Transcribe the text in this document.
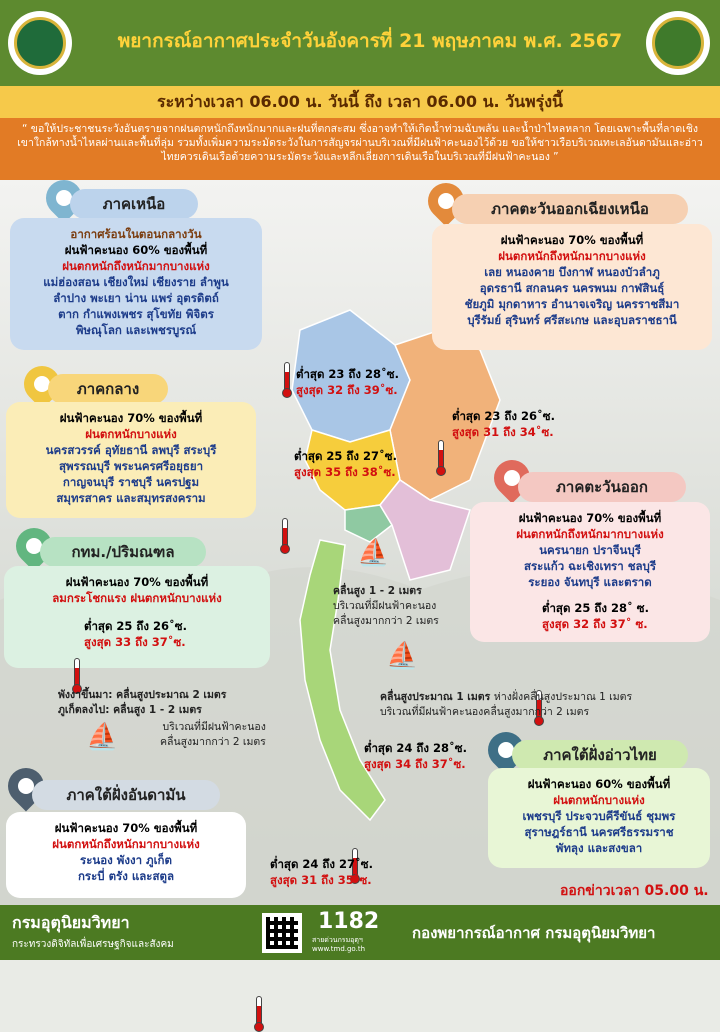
พยากรณ์อากาศประจำวันอังคารที่ 21 พฤษภาคม พ.ศ. 2567
ระหว่างเวลา 06.00 น. วันนี้ ถึง เวลา 06.00 น. วันพรุ่งนี้
“ ขอให้ประชาชนระวังอันตรายจากฝนตกหนักถึงหนักมากและฝนที่ตกสะสม ซึ่งอาจทำให้เกิดน้ำท่วมฉับพลัน และน้ำป่าไหลหลาก โดยเฉพาะพื้นที่ลาดเชิงเขาใกล้ทางน้ำไหลผ่านและพื้นที่ลุ่ม รวมทั้งเพิ่มความระมัดระวังในการสัญจรผ่านบริเวณที่มีฝนฟ้าคะนองไว้ด้วย ขอให้ชาวเรือบริเวณทะเลอันดามันและอ่าวไทยควรเดินเรือด้วยความระมัดระวังและหลีกเลี่ยงการเดินเรือในบริเวณที่มีฝนฟ้าคะนอง ”
ภาคเหนือ
อากาศร้อนในตอนกลางวัน
ฝนฟ้าคะนอง 60% ของพื้นที่
ฝนตกหนักถึงหนักมากบางแห่ง
แม่ฮ่องสอน เชียงใหม่ เชียงราย ลำพูน
ลำปาง พะเยา น่าน แพร่ อุตรดิตถ์
ตาก กำแพงเพชร สุโขทัย พิจิตร
พิษณุโลก และเพชรบูรณ์
ต่ำสุด 23 ถึง 28˚ซ.
สูงสุด 32 ถึง 39˚ซ.
ภาคตะวันออกเฉียงเหนือ
ฝนฟ้าคะนอง 70% ของพื้นที่
ฝนตกหนักถึงหนักมากบางแห่ง
เลย หนองคาย บึงกาฬ หนองบัวลำภู
อุดรธานี สกลนคร นครพนม กาฬสินธุ์
ชัยภูมิ มุกดาหาร อำนาจเจริญ นครราชสีมา
บุรีรัมย์ สุรินทร์ ศรีสะเกษ และอุบลราชธานี
ต่ำสุด 23 ถึง 26˚ซ.
สูงสุด 31 ถึง 34˚ซ.
ภาคกลาง
ฝนฟ้าคะนอง 70% ของพื้นที่
ฝนตกหนักบางแห่ง
นครสวรรค์ อุทัยธานี ลพบุรี สระบุรี
สุพรรณบุรี พระนครศรีอยุธยา
กาญจนบุรี ราชบุรี นครปฐม
สมุทรสาคร และสมุทรสงคราม
ต่ำสุด 25 ถึง 27˚ซ.
สูงสุด 35 ถึง 38˚ซ.
ภาคตะวันออก
ฝนฟ้าคะนอง 70% ของพื้นที่
ฝนตกหนักถึงหนักมากบางแห่ง
นครนายก ปราจีนบุรี
สระแก้ว ฉะเชิงเทรา ชลบุรี
ระยอง จันทบุรี และตราด
ต่ำสุด 25 ถึง 28˚ ซ.
สูงสุด 32 ถึง 37˚ ซ.
กทม./ปริมณฑล
ฝนฟ้าคะนอง 70% ของพื้นที่
ลมกระโชกแรง ฝนตกหนักบางแห่ง
ต่ำสุด 25 ถึง 26˚ซ.
สูงสุด 33 ถึง 37˚ซ.
⛵
คลื่นสูง 1 - 2 เมตร
บริเวณที่มีฝนฟ้าคะนอง
คลื่นสูงมากกว่า 2 เมตร
⛵
คลื่นสูงประมาณ 1 เมตร ห่างฝั่งคลื่นสูงประมาณ 1 เมตร
บริเวณที่มีฝนฟ้าคะนองคลื่นสูงมากกว่า 2 เมตร
พังงาขึ้นมา: คลื่นสูงประมาณ 2 เมตร
ภูเก็ตลงไป: คลื่นสูง 1 - 2 เมตร
⛵	บริเวณที่มีฝนฟ้าคะนอง
คลื่นสูงมากกว่า 2 เมตร	ต่ำสุด 24 ถึง 28˚ซ.
สูงสุด 34 ถึง 37˚ซ.	ภาคใต้ฝั่งอ่าวไทย
ฝนฟ้าคะนอง 60% ของพื้นที่
ฝนตกหนักบางแห่ง
เพชรบุรี ประจวบคีรีขันธ์ ชุมพร
สุราษฎร์ธานี นครศรีธรรมราช
พัทลุง และสงขลา
ภาคใต้ฝั่งอันดามัน
ฝนฟ้าคะนอง 70% ของพื้นที่
ฝนตกหนักถึงหนักมากบางแห่ง
ระนอง พังงา ภูเก็ต
กระบี่ ตรัง และสตูล
ต่ำสุด 24 ถึง 27˚ซ.
สูงสุด 31 ถึง 35˚ซ.
ออกข่าวเวลา 05.00 น.
กรมอุตุนิยมวิทยา
กระทรวงดิจิทัลเพื่อเศรษฐกิจและสังคม
1182
สายด่วนกรมอุตุฯ
www.tmd.go.th
กองพยากรณ์อากาศ กรมอุตุนิยมวิทยา
